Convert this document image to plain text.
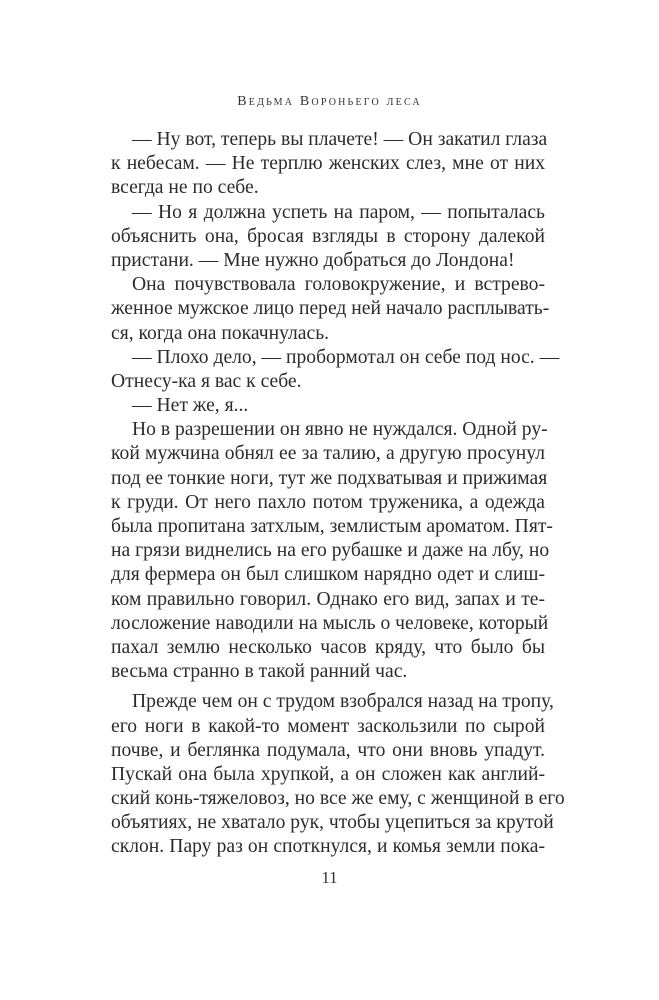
Ведьма Вороньего леса
— Ну вот, теперь вы плачете! — Он закатил глаза
к небесам. — Не терплю женских слез, мне от них
всегда не по себе.
— Но я должна успеть на паром, — попыталась
объяснить она, бросая взгляды в сторону далекой
пристани. — Мне нужно добраться до Лондона!
Она почувствовала головокружение, и встрево-
женное мужское лицо перед ней начало расплывать-
ся, когда она покачнулась.
— Плохо дело, — пробормотал он себе под нос. —
Отнесу-ка я вас к себе.
— Нет же, я...
Но в разрешении он явно не нуждался. Одной ру-
кой мужчина обнял ее за талию, а другую просунул
под ее тонкие ноги, тут же подхватывая и прижимая
к груди. От него пахло потом труженика, а одежда
была пропитана затхлым, землистым ароматом. Пят-
на грязи виднелись на его рубашке и даже на лбу, но
для фермера он был слишком нарядно одет и слиш-
ком правильно говорил. Однако его вид, запах и те-
лосложение наводили на мысль о человеке, который
пахал землю несколько часов кряду, что было бы
весьма странно в такой ранний час.
Прежде чем он с трудом взобрался назад на тропу,
его ноги в какой-то момент заскользили по сырой
почве, и беглянка подумала, что они вновь упадут.
Пускай она была хрупкой, а он сложен как англий-
ский конь-тяжеловоз, но все же ему, с женщиной в его
объятиях, не хватало рук, чтобы уцепиться за крутой
склон. Пару раз он споткнулся, и комья земли пока-
11
